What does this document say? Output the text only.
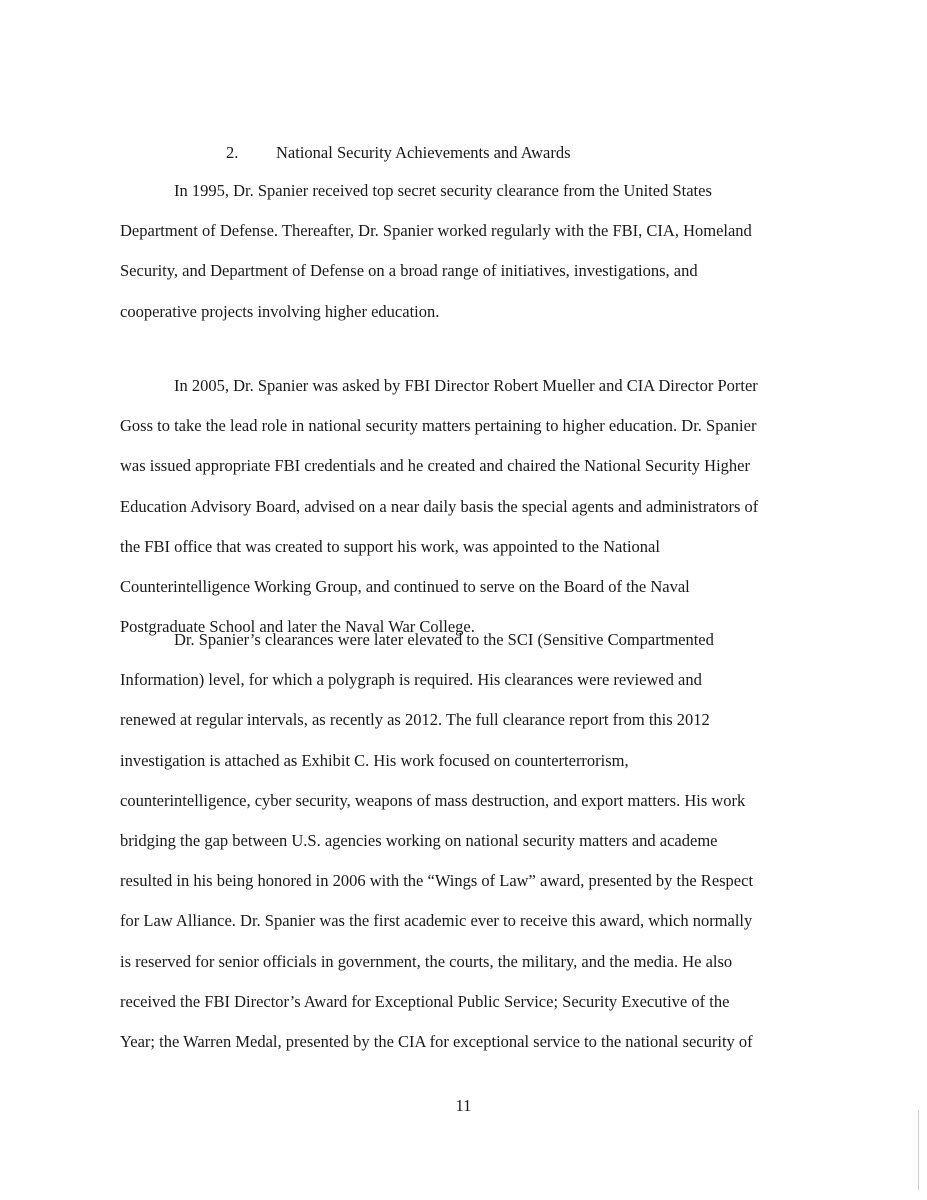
2. National Security Achievements and Awards
In 1995, Dr. Spanier received top secret security clearance from the United States
Department of Defense. Thereafter, Dr. Spanier worked regularly with the FBI, CIA, Homeland
Security, and Department of Defense on a broad range of initiatives, investigations, and
cooperative projects involving higher education.
In 2005, Dr. Spanier was asked by FBI Director Robert Mueller and CIA Director Porter
Goss to take the lead role in national security matters pertaining to higher education. Dr. Spanier
was issued appropriate FBI credentials and he created and chaired the National Security Higher
Education Advisory Board, advised on a near daily basis the special agents and administrators of
the FBI office that was created to support his work, was appointed to the National
Counterintelligence Working Group, and continued to serve on the Board of the Naval
Postgraduate School and later the Naval War College.
Dr. Spanier’s clearances were later elevated to the SCI (Sensitive Compartmented
Information) level, for which a polygraph is required. His clearances were reviewed and
renewed at regular intervals, as recently as 2012. The full clearance report from this 2012
investigation is attached as Exhibit C. His work focused on counterterrorism,
counterintelligence, cyber security, weapons of mass destruction, and export matters. His work
bridging the gap between U.S. agencies working on national security matters and academe
resulted in his being honored in 2006 with the “Wings of Law” award, presented by the Respect
for Law Alliance. Dr. Spanier was the first academic ever to receive this award, which normally
is reserved for senior officials in government, the courts, the military, and the media. He also
received the FBI Director’s Award for Exceptional Public Service; Security Executive of the
Year; the Warren Medal, presented by the CIA for exceptional service to the national security of
11
